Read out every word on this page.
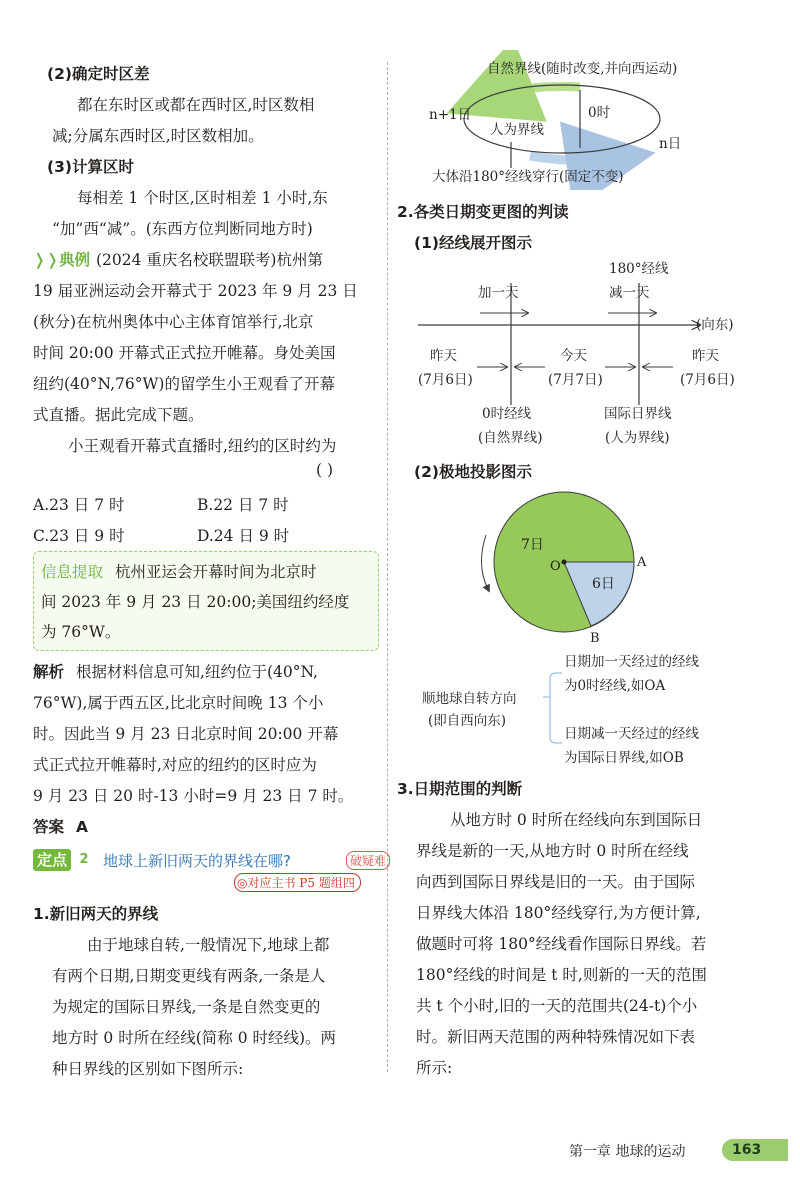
(2)确定时区差
都在东时区或都在西时区,时区数相
减;分属东西时区,时区数相加。
(3)计算区时
每相差 1 个时区,区时相差 1 小时,东
“加”西“减”。(东西方位判断同地方时)
❭❭典例 (2024 重庆名校联盟联考)杭州第
19 届亚洲运动会开幕式于 2023 年 9 月 23 日
(秋分)在杭州奥体中心主体育馆举行,北京
时间 20:00 开幕式正式拉开帷幕。身处美国
纽约(40°N,76°W)的留学生小王观看了开幕
式直播。据此完成下题。
小王观看开幕式直播时,纽约的区时约为
( )
A.23 日 7 时	B.22 日 7 时
C.23 日 9 时	D.24 日 9 时
信息提取 杭州亚运会开幕时间为北京时
间 2023 年 9 月 23 日 20:00;美国纽约经度
为 76°W。
解析 根据材料信息可知,纽约位于(40°N,
76°W),属于西五区,比北京时间晚 13 个小
时。因此当 9 月 23 日北京时间 20:00 开幕
式正式拉开帷幕时,对应的纽约的区时应为
9 月 23 日 20 时-13 小时=9 月 23 日 7 时。
答案 A
定点 2 地球上新旧两天的界线在哪?	破疑难
◎对应主书 P5 题组四
1.新旧两天的界线
由于地球自转,一般情况下,地球上都
有两个日期,日期变更线有两条,一条是人
为规定的国际日界线,一条是自然变更的
地方时 0 时所在经线(简称 0 时经线)。两
种日界线的区别如下图所示:
自然界线(随时改变,并向西运动)
0时
n+1日
人为界线
n日
大体沿180°经线穿行(固定不变)
2.各类日期变更图的判读
(1)经线展开图示
180°经线
加一天	减一天
(向东)
昨天
(7月6日)
今天
(7月7日)
昨天
(7月6日)
0时经线
(自然界线)
国际日界线
(人为界线)
(2)极地投影图示
7日
6日
O	A
B
顺地球自转方向
(即自西向东)
日期加一天经过的经线
为0时经线,如OA
日期减一天经过的经线
为国际日界线,如OB
3.日期范围的判断
从地方时 0 时所在经线向东到国际日
界线是新的一天,从地方时 0 时所在经线
向西到国际日界线是旧的一天。由于国际
日界线大体沿 180°经线穿行,为方便计算,
做题时可将 180°经线看作国际日界线。若
180°经线的时间是 t 时,则新的一天的范围
共 t 个小时,旧的一天的范围共(24-t)个小
时。新旧两天范围的两种特殊情况如下表
所示:
第一章 地球的运动	163
